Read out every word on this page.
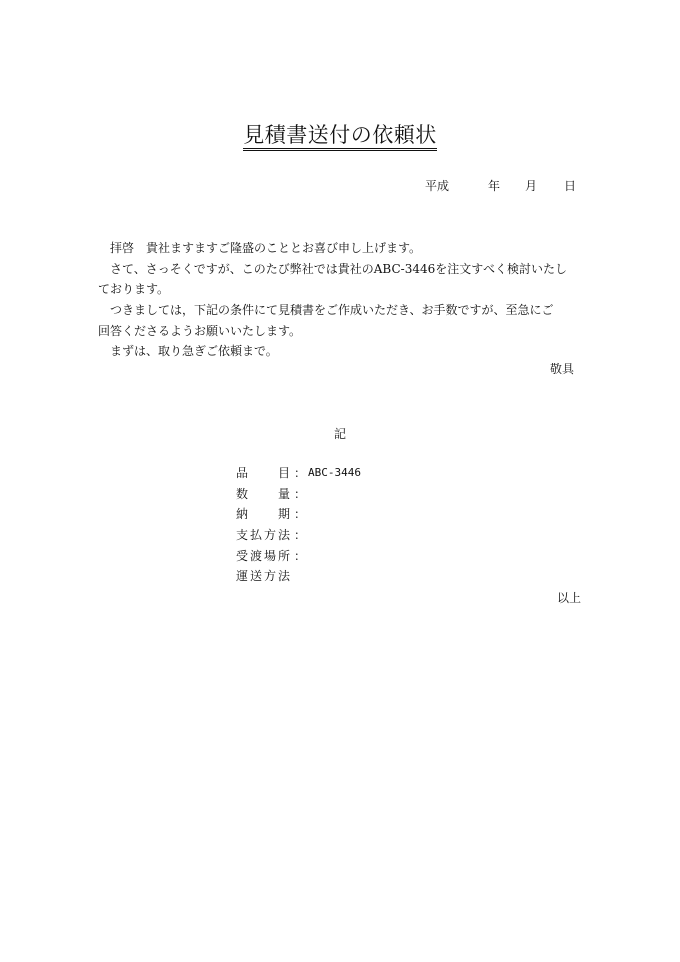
見積書送付の依頼状
平成	年 月 日
拝啓　貴社ますますご隆盛のこととお喜び申し上げます。
さて、さっそくですが、このたび弊社では貴社のABC-3446を注文すべく検討いたし
ております。
つきましては，下記の条件にて見積書をご作成いただき、お手数ですが、至急にご
回答くださるようお願いいたします。
まずは、取り急ぎご依頼まで。
敬具
記
品　目 ： ABC-3446
数　量 ：
納　期 ：
支払方法 ：
受渡場所 ：
運送方法
以上
